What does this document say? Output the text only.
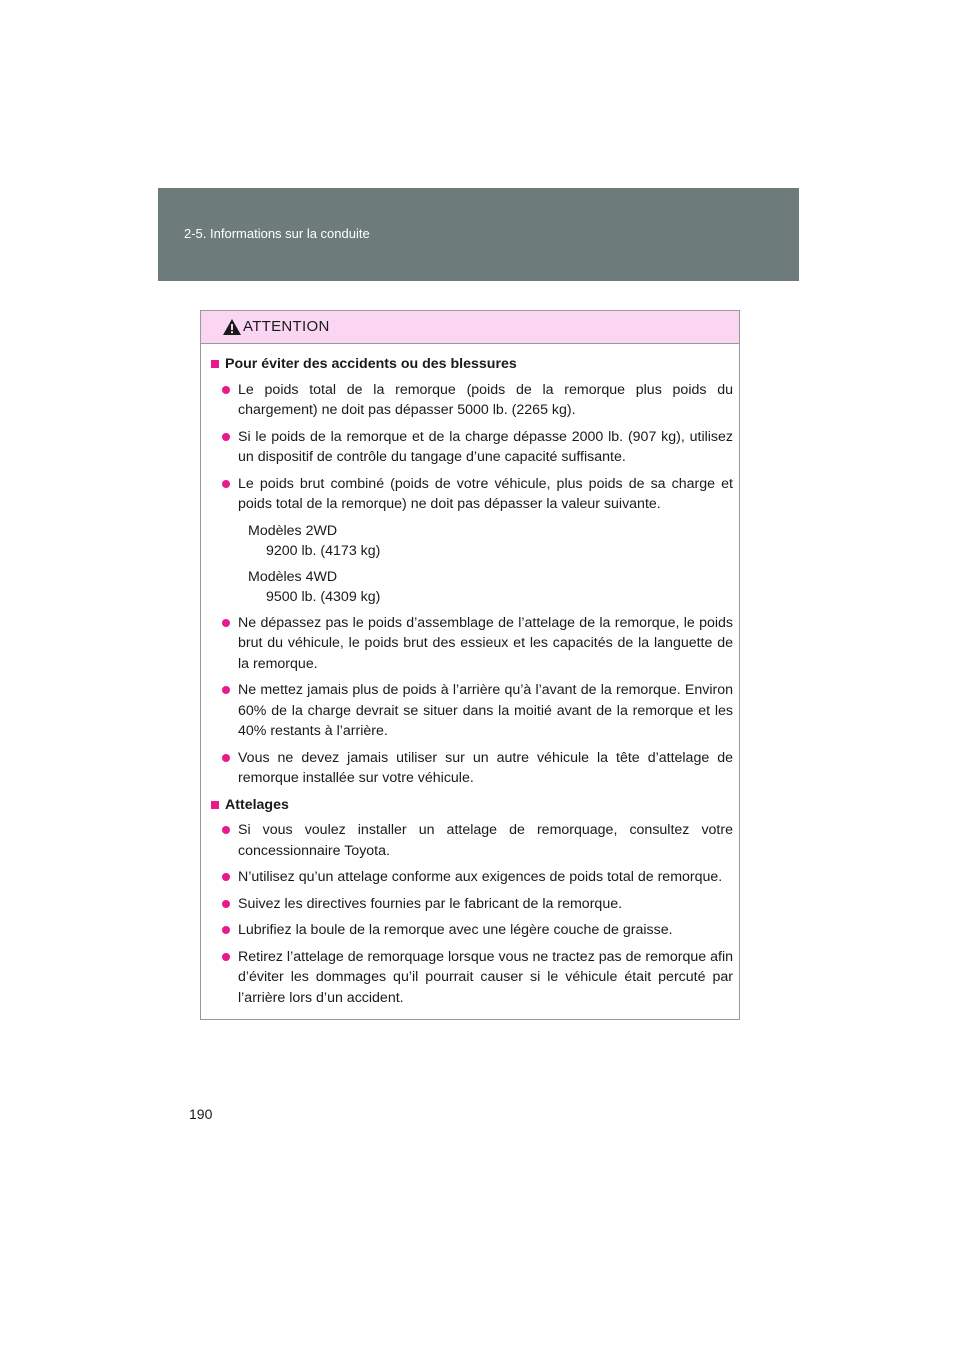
2-5. Informations sur la conduite
ATTENTION
Pour éviter des accidents ou des blessures
Le poids total de la remorque (poids de la remorque plus poids du chargement) ne doit pas dépasser 5000 lb. (2265 kg).
Si le poids de la remorque et de la charge dépasse 2000 lb. (907 kg), utilisez un dispositif de contrôle du tangage d’une capacité suffisante.
Le poids brut combiné (poids de votre véhicule, plus poids de sa charge et poids total de la remorque) ne doit pas dépasser la valeur suivante.
Modèles 2WD
9200 lb. (4173 kg)
Modèles 4WD
9500 lb. (4309 kg)
Ne dépassez pas le poids d’assemblage de l’attelage de la remorque, le poids brut du véhicule, le poids brut des essieux et les capacités de la languette de la remorque.
Ne mettez jamais plus de poids à l’arrière qu’à l’avant de la remorque. Environ 60% de la charge devrait se situer dans la moitié avant de la remorque et les 40% restants à l’arrière.
Vous ne devez jamais utiliser sur un autre véhicule la tête d’attelage de remorque installée sur votre véhicule.
Attelages
Si vous voulez installer un attelage de remorquage, consultez votre concessionnaire Toyota.
N’utilisez qu’un attelage conforme aux exigences de poids total de remorque.
Suivez les directives fournies par le fabricant de la remorque.
Lubrifiez la boule de la remorque avec une légère couche de graisse.
Retirez l’attelage de remorquage lorsque vous ne tractez pas de remorque afin d’éviter les dommages qu’il pourrait causer si le véhicule était percuté par l’arrière lors d’un accident.
190
